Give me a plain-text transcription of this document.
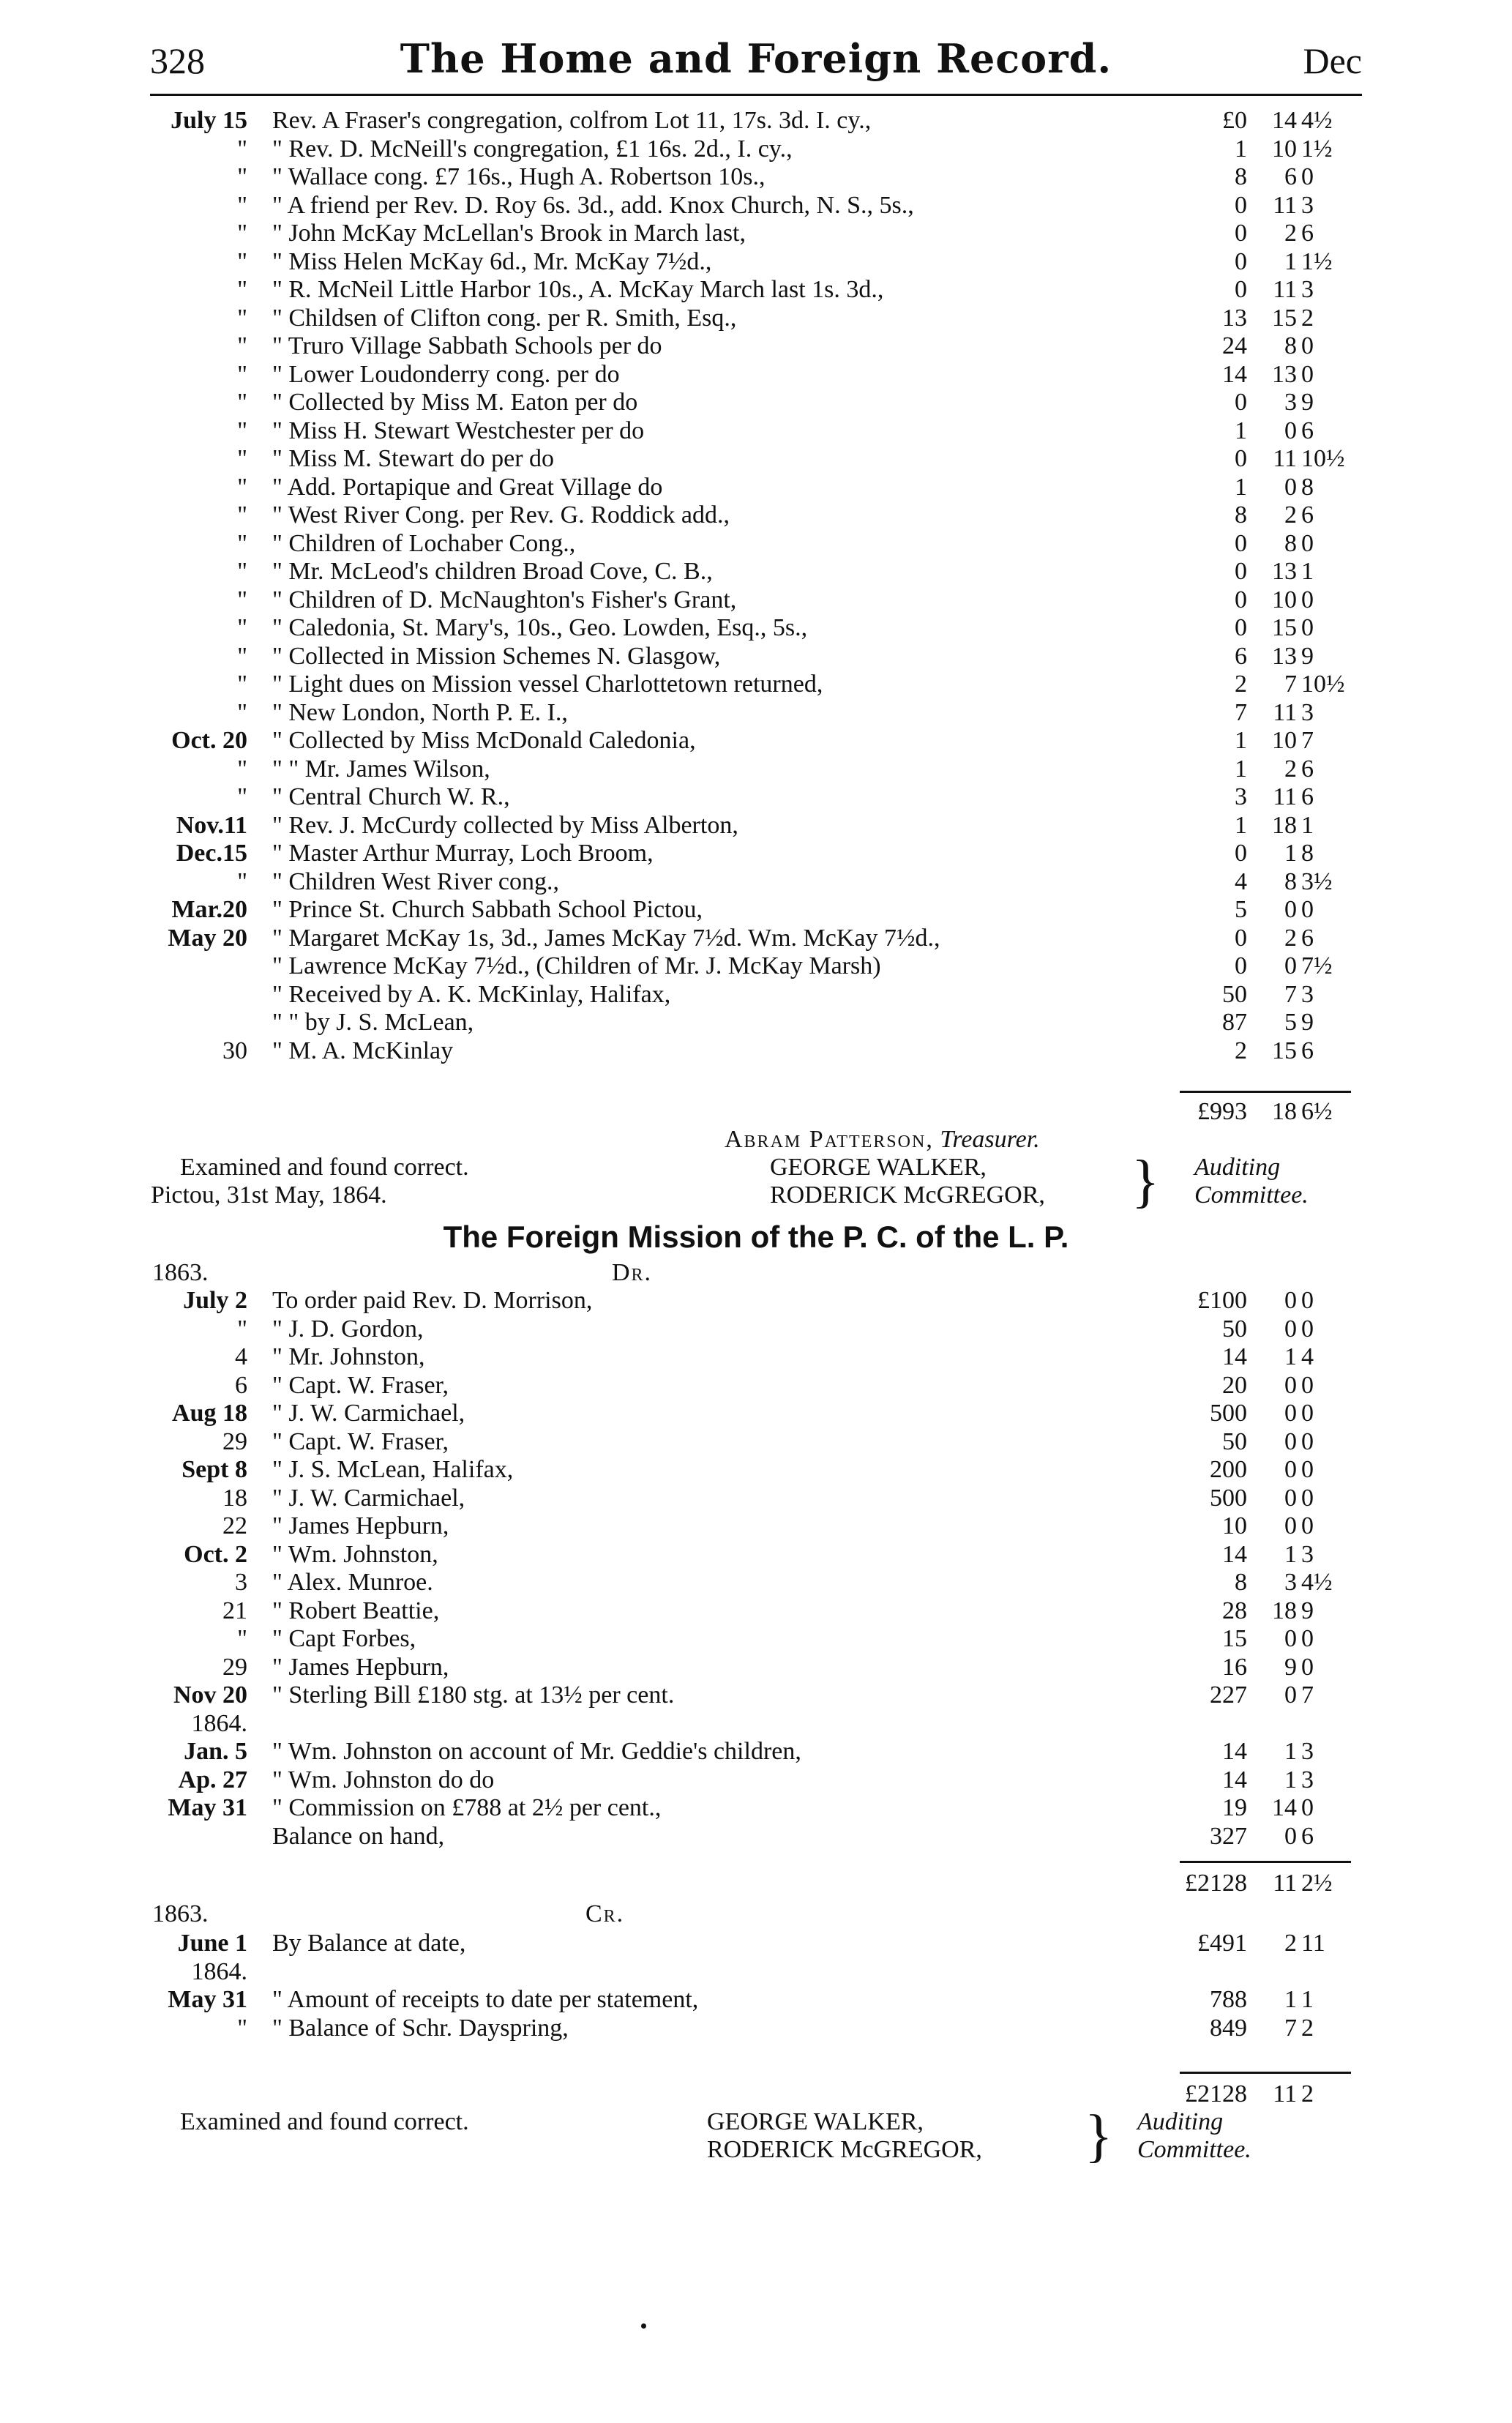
328	The Home and Foreign Record.	Dec
July 15 Rev. A Fraser's congregation, colfrom Lot 11, 17s. 3d. I. cy.,	£0	14 4½
" " Rev. D. McNeill's congregation, £1 16s. 2d., I. cy.,	1	10 1½
" " Wallace cong. £7 16s., Hugh A. Robertson 10s.,	8	6 0
" " A friend per Rev. D. Roy 6s. 3d., add. Knox Church, N. S., 5s.,	0	11 3
" " John McKay McLellan's Brook in March last,	0	2 6
" " Miss Helen McKay 6d., Mr. McKay 7½d.,	0	1 1½
" " R. McNeil Little Harbor 10s., A. McKay March last 1s. 3d.,	0	11 3
" " Childsen of Clifton cong. per R. Smith, Esq.,	13	15 2
" " Truro Village Sabbath Schools per do	24	8 0
" " Lower Loudonderry cong. per do	14	13 0
" " Collected by Miss M. Eaton per do	0	3 9
" " Miss H. Stewart Westchester per do	1	0 6
" " Miss M. Stewart do per do	0	11 10½
" " Add. Portapique and Great Village do	1	0 8
" " West River Cong. per Rev. G. Roddick add.,	8	2 6
" " Children of Lochaber Cong.,	0	8 0
" " Mr. McLeod's children Broad Cove, C. B.,	0	13 1
" " Children of D. McNaughton's Fisher's Grant,	0	10 0
" " Caledonia, St. Mary's, 10s., Geo. Lowden, Esq., 5s.,	0	15 0
" " Collected in Mission Schemes N. Glasgow,	6	13 9
" " Light dues on Mission vessel Charlottetown returned,	2	7 10½
" " New London, North P. E. I.,	7	11 3
Oct. 20 " Collected by Miss McDonald Caledonia,	1	10 7
" " " Mr. James Wilson,	1	2 6
" " Central Church W. R.,	3	11 6
Nov.11 " Rev. J. McCurdy collected by Miss Alberton,	1	18 1
Dec.15 " Master Arthur Murray, Loch Broom,	0	1 8
" " Children West River cong.,	4	8 3½
Mar.20 " Prince St. Church Sabbath School Pictou,	5	0 0
May 20 " Margaret McKay 1s, 3d., James McKay 7½d. Wm. McKay 7½d.,	0	2 6
" Lawrence McKay 7½d., (Children of Mr. J. McKay Marsh)	0	0 7½
" Received by A. K. McKinlay, Halifax,	50	7 3
" " by J. S. McLean,	87	5 9
30 " M. A. McKinlay	2	15 6
£993	18 6½
Abram Patterson, Treasurer.
Examined and found correct.
Pictou, 31st May, 1864.
GEORGE WALKER,
RODERICK McGREGOR, } Auditing
Committee.
The Foreign Mission of the P. C. of the L. P.
1863.	Dr.
July 2 To order paid Rev. D. Morrison,	£100	0 0
" " J. D. Gordon,	50	0 0
4 " Mr. Johnston,	14	1 4
6 " Capt. W. Fraser,	20	0 0
Aug 18 " J. W. Carmichael,	500	0 0
29 " Capt. W. Fraser,	50	0 0
Sept 8 " J. S. McLean, Halifax,	200	0 0
18 " J. W. Carmichael,	500	0 0
22 " James Hepburn,	10	0 0
Oct. 2 " Wm. Johnston,	14	1 3
3 " Alex. Munroe.	8	3 4½
21 " Robert Beattie,	28	18 9
" " Capt Forbes,	15	0 0
29 " James Hepburn,	16	9 0
Nov 20 " Sterling Bill £180 stg. at 13½ per cent.	227	0 7
1864.
Jan. 5 " Wm. Johnston on account of Mr. Geddie's children,	14	1 3
Ap. 27 " Wm. Johnston do do	14	1 3
May 31 " Commission on £788 at 2½ per cent.,	19	14 0
Balance on hand,	327	0 6
£2128	11 2½
1863.	Cr.
June 1 By Balance at date,	£491	2 11
1864.
May 31 " Amount of receipts to date per statement,	788	1 1
" " Balance of Schr. Dayspring,	849	7 2
£2128	11 2
Examined and found correct.	GEORGE WALKER,
RODERICK McGREGOR, } Auditing
Committee.
